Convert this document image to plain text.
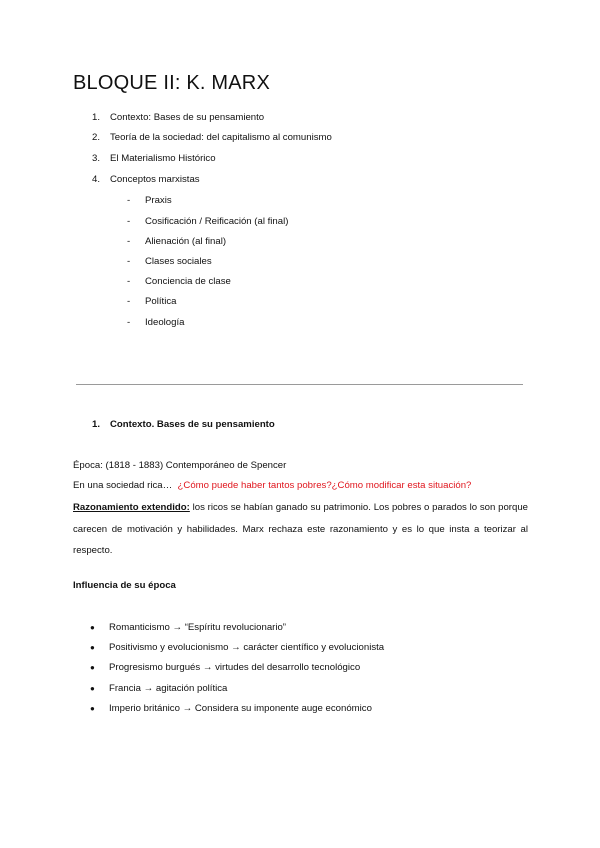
BLOQUE II: K. MARX
1. Contexto: Bases de su pensamiento
2. Teoría de la sociedad: del capitalismo al comunismo
3. El Materialismo Histórico
4. Conceptos marxistas
- Praxis
- Cosificación / Reificación (al final)
- Alienación (al final)
- Clases sociales
- Conciencia de clase
- Política
- Ideología
1. Contexto. Bases de su pensamiento
Época: (1818 - 1883) Contemporáneo de Spencer
En una sociedad rica… ¿Cómo puede haber tantos pobres?¿Cómo modificar esta situación?
Razonamiento extendido: los ricos se habían ganado su patrimonio. Los pobres o parados lo son porque carecen de motivación y habilidades. Marx rechaza este razonamiento y es lo que insta a teorizar al respecto.
Influencia de su época
● Romanticismo → “Espíritu revolucionario”
● Positivismo y evolucionismo → carácter científico y evolucionista
● Progresismo burgués → virtudes del desarrollo tecnológico
● Francia → agitación política
● Imperio británico → Considera su imponente auge económico
